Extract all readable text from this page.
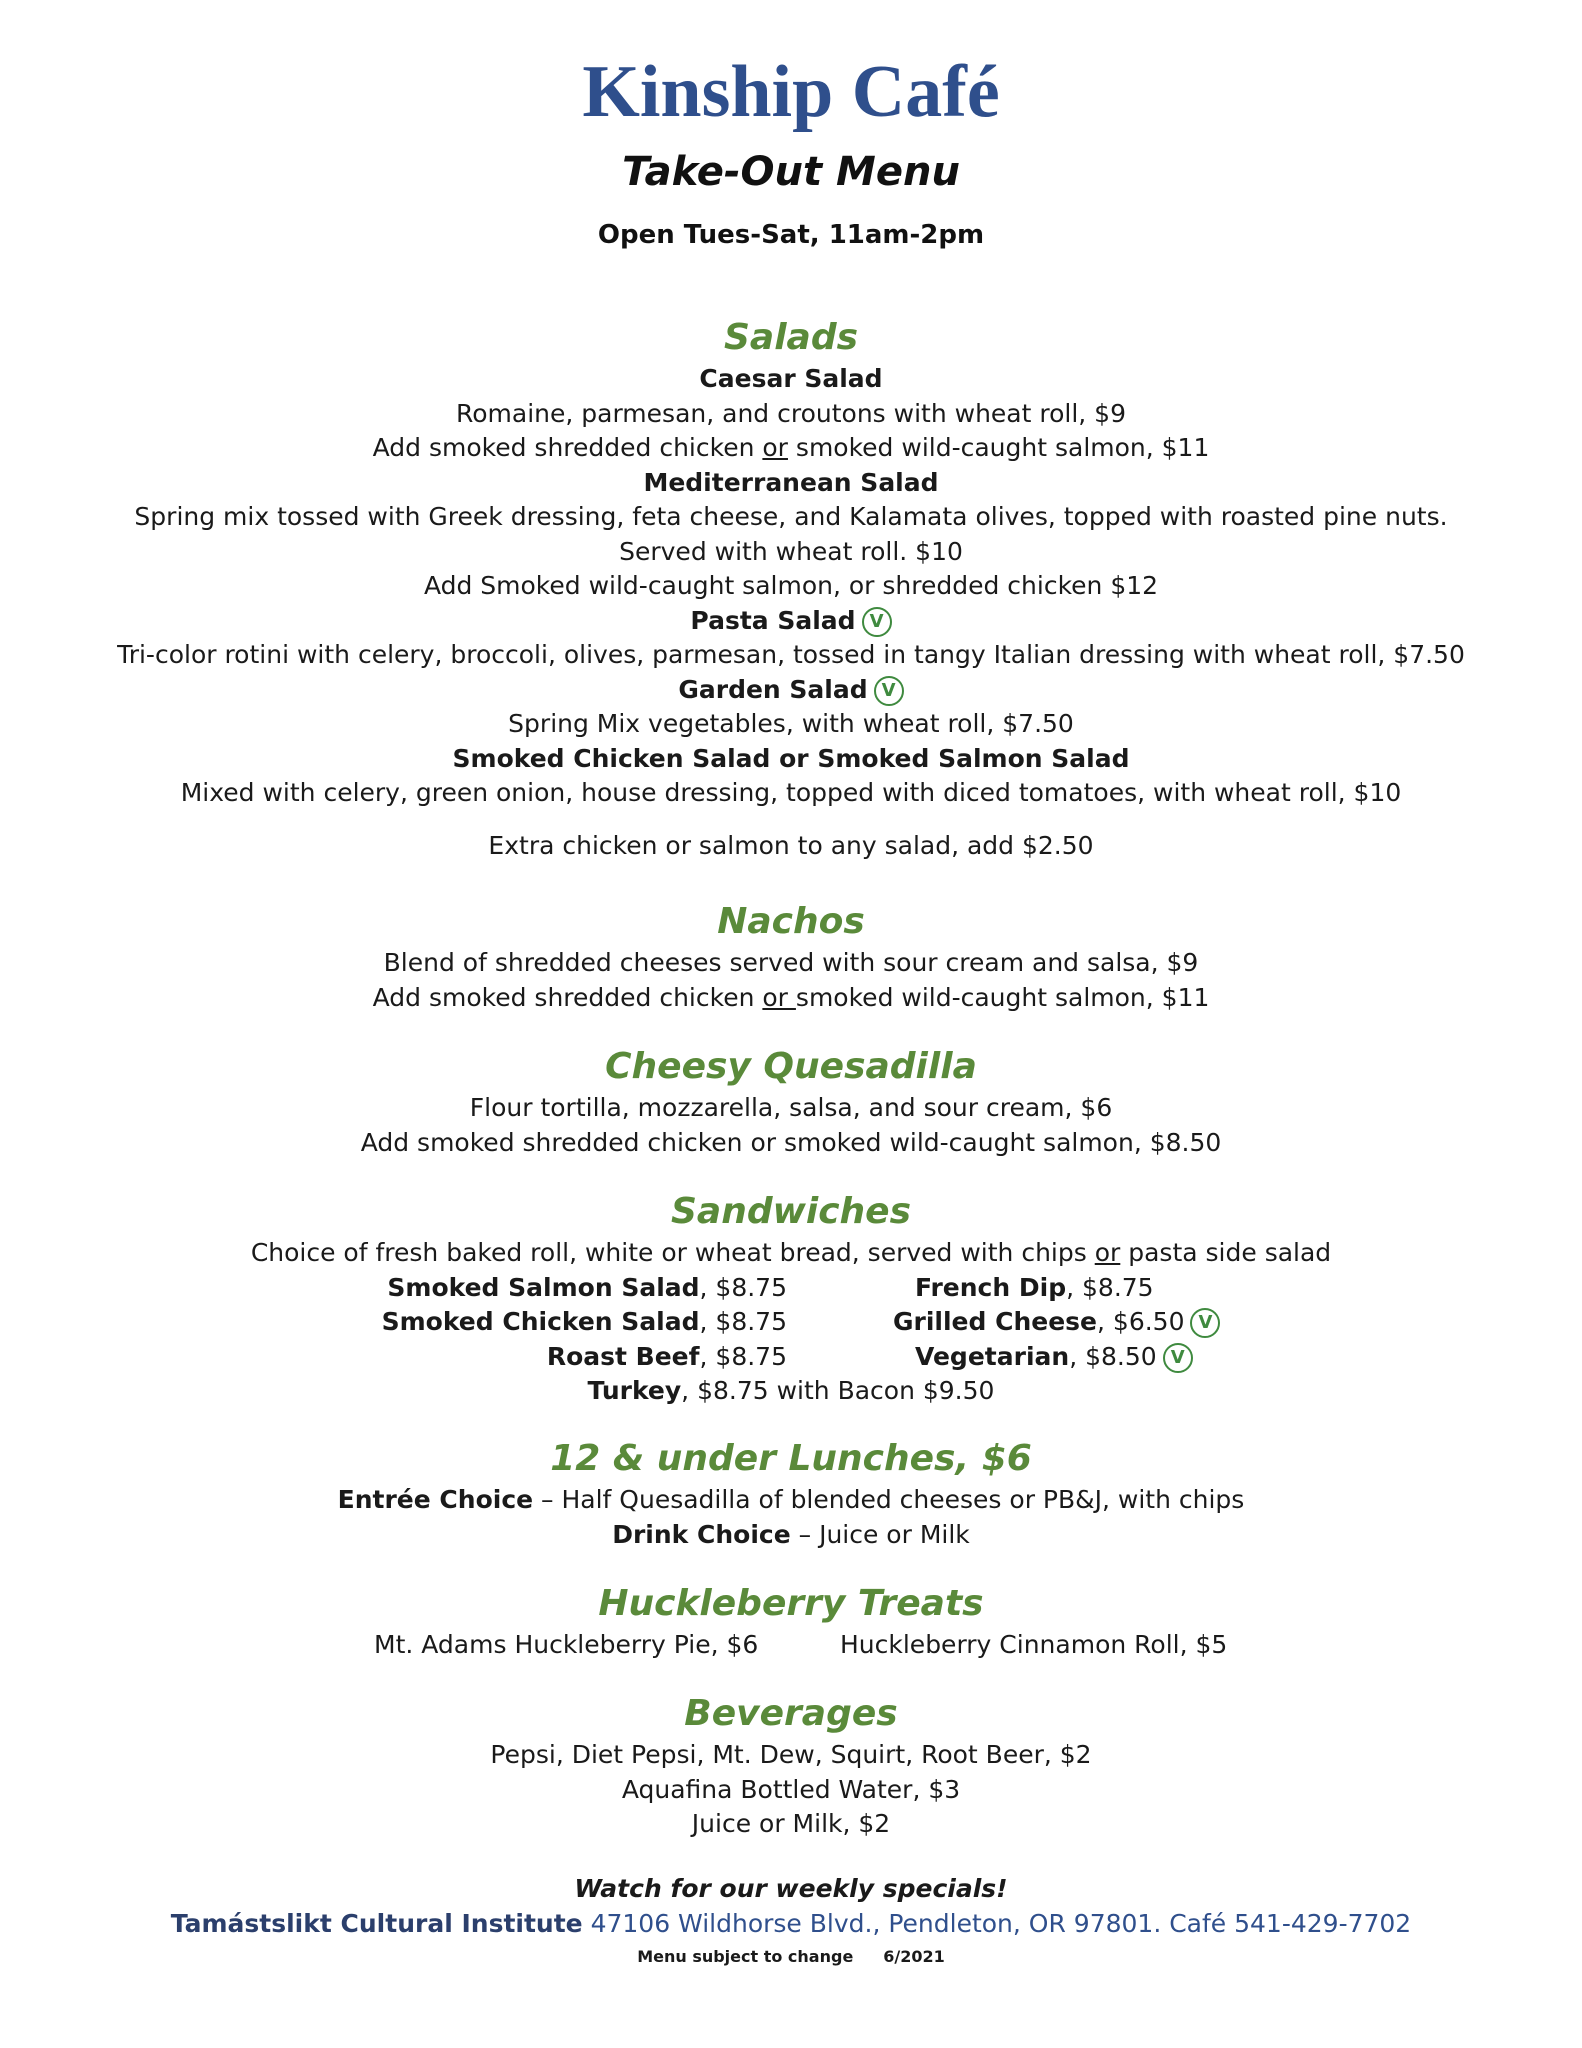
Kinship Café
Take-Out Menu
Open Tues-Sat, 11am-2pm
Salads
Caesar Salad
Romaine, parmesan, and croutons with wheat roll, $9
Add smoked shredded chicken or smoked wild-caught salmon, $11
Mediterranean Salad
Spring mix tossed with Greek dressing, feta cheese, and Kalamata olives, topped with roasted pine nuts. Served with wheat roll. $10
Add Smoked wild-caught salmon, or shredded chicken $12
Pasta Salad V
Tri-color rotini with celery, broccoli, olives, parmesan, tossed in tangy Italian dressing with wheat roll, $7.50
Garden Salad V
Spring Mix vegetables, with wheat roll, $7.50
Smoked Chicken Salad or Smoked Salmon Salad
Mixed with celery, green onion, house dressing, topped with diced tomatoes, with wheat roll, $10
Extra chicken or salmon to any salad, add $2.50
Nachos
Blend of shredded cheeses served with sour cream and salsa, $9
Add smoked shredded chicken or smoked wild-caught salmon, $11
Cheesy Quesadilla
Flour tortilla, mozzarella, salsa, and sour cream, $6
Add smoked shredded chicken or smoked wild-caught salmon, $8.50
Sandwiches
Choice of fresh baked roll, white or wheat bread, served with chips or pasta side salad
Smoked Salmon Salad, $8.75	French Dip, $8.75
Smoked Chicken Salad, $8.75	Grilled Cheese, $6.50 V
Roast Beef, $8.75	Vegetarian, $8.50 V
Turkey, $8.75 with Bacon $9.50
12 & under Lunches, $6
Entrée Choice – Half Quesadilla of blended cheeses or PB&J, with chips
Drink Choice – Juice or Milk
Huckleberry Treats
Mt. Adams Huckleberry Pie, $6	Huckleberry Cinnamon Roll, $5
Beverages
Pepsi, Diet Pepsi, Mt. Dew, Squirt, Root Beer, $2
Aquafina Bottled Water, $3
Juice or Milk, $2
Watch for our weekly specials!
Tamástslikt Cultural Institute 47106 Wildhorse Blvd., Pendleton, OR 97801. Café 541-429-7702
Menu subject to change 6/2021
